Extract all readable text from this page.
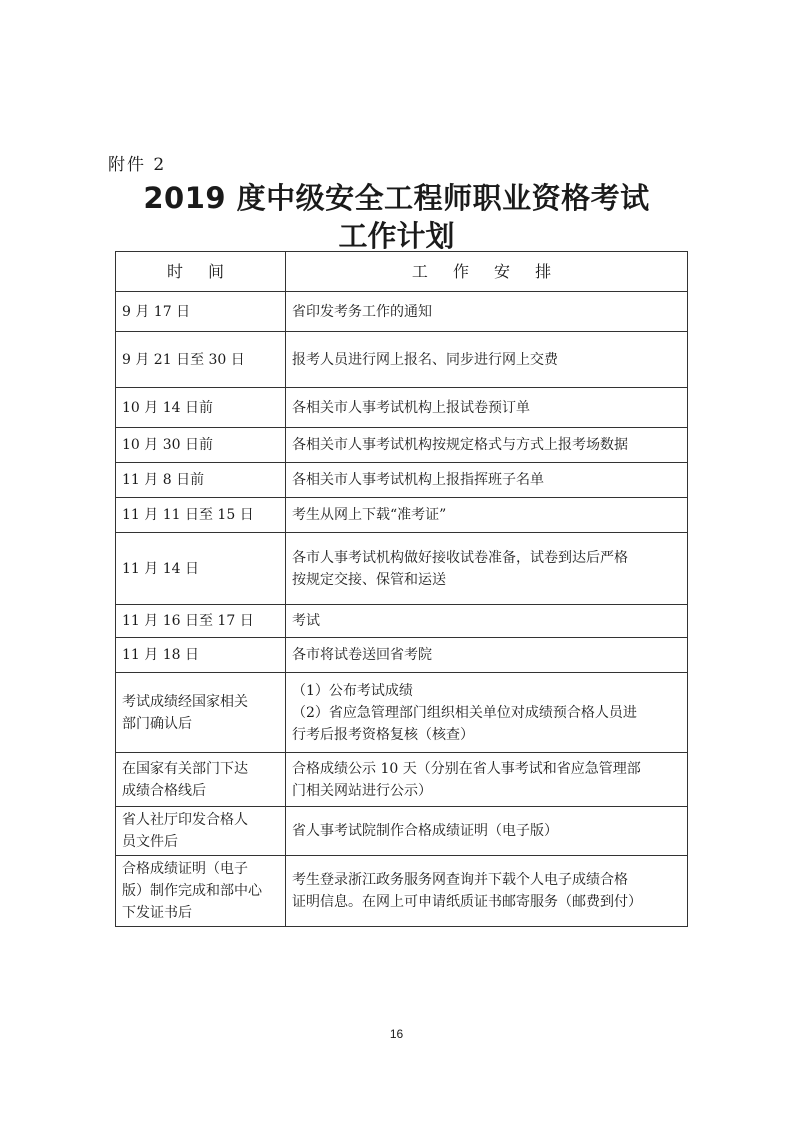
附件 2
2019 度中级安全工程师职业资格考试
工作计划
时 间	工 作 安 排

9 月 17 日	省印发考务工作的通知

9 月 21 日至 30 日	报考人员进行网上报名、同步进行网上交费

10 月 14 日前	各相关市人事考试机构上报试卷预订单

10 月 30 日前	各相关市人事考试机构按规定格式与方式上报考场数据

11 月 8 日前	各相关市人事考试机构上报指挥班子名单

11 月 11 日至 15 日	考生从网上下载“准考证”

11 月 14 日	各市人事考试机构做好接收试卷准备，试卷到达后严格
按规定交接、保管和运送

11 月 16 日至 17 日	考试

11 月 18 日	各市将试卷送回省考院

考试成绩经国家相关
部门确认后	（1）公布考试成绩
（2）省应急管理部门组织相关单位对成绩预合格人员进
行考后报考资格复核（核查）

在国家有关部门下达
成绩合格线后	合格成绩公示 10 天（分别在省人事考试和省应急管理部
门相关网站进行公示）

省人社厅印发合格人
员文件后	省人事考试院制作合格成绩证明（电子版）

合格成绩证明（电子
版）制作完成和部中心
下发证书后	考生登录浙江政务服务网查询并下载个人电子成绩合格
证明信息。在网上可申请纸质证书邮寄服务（邮费到付）
16
